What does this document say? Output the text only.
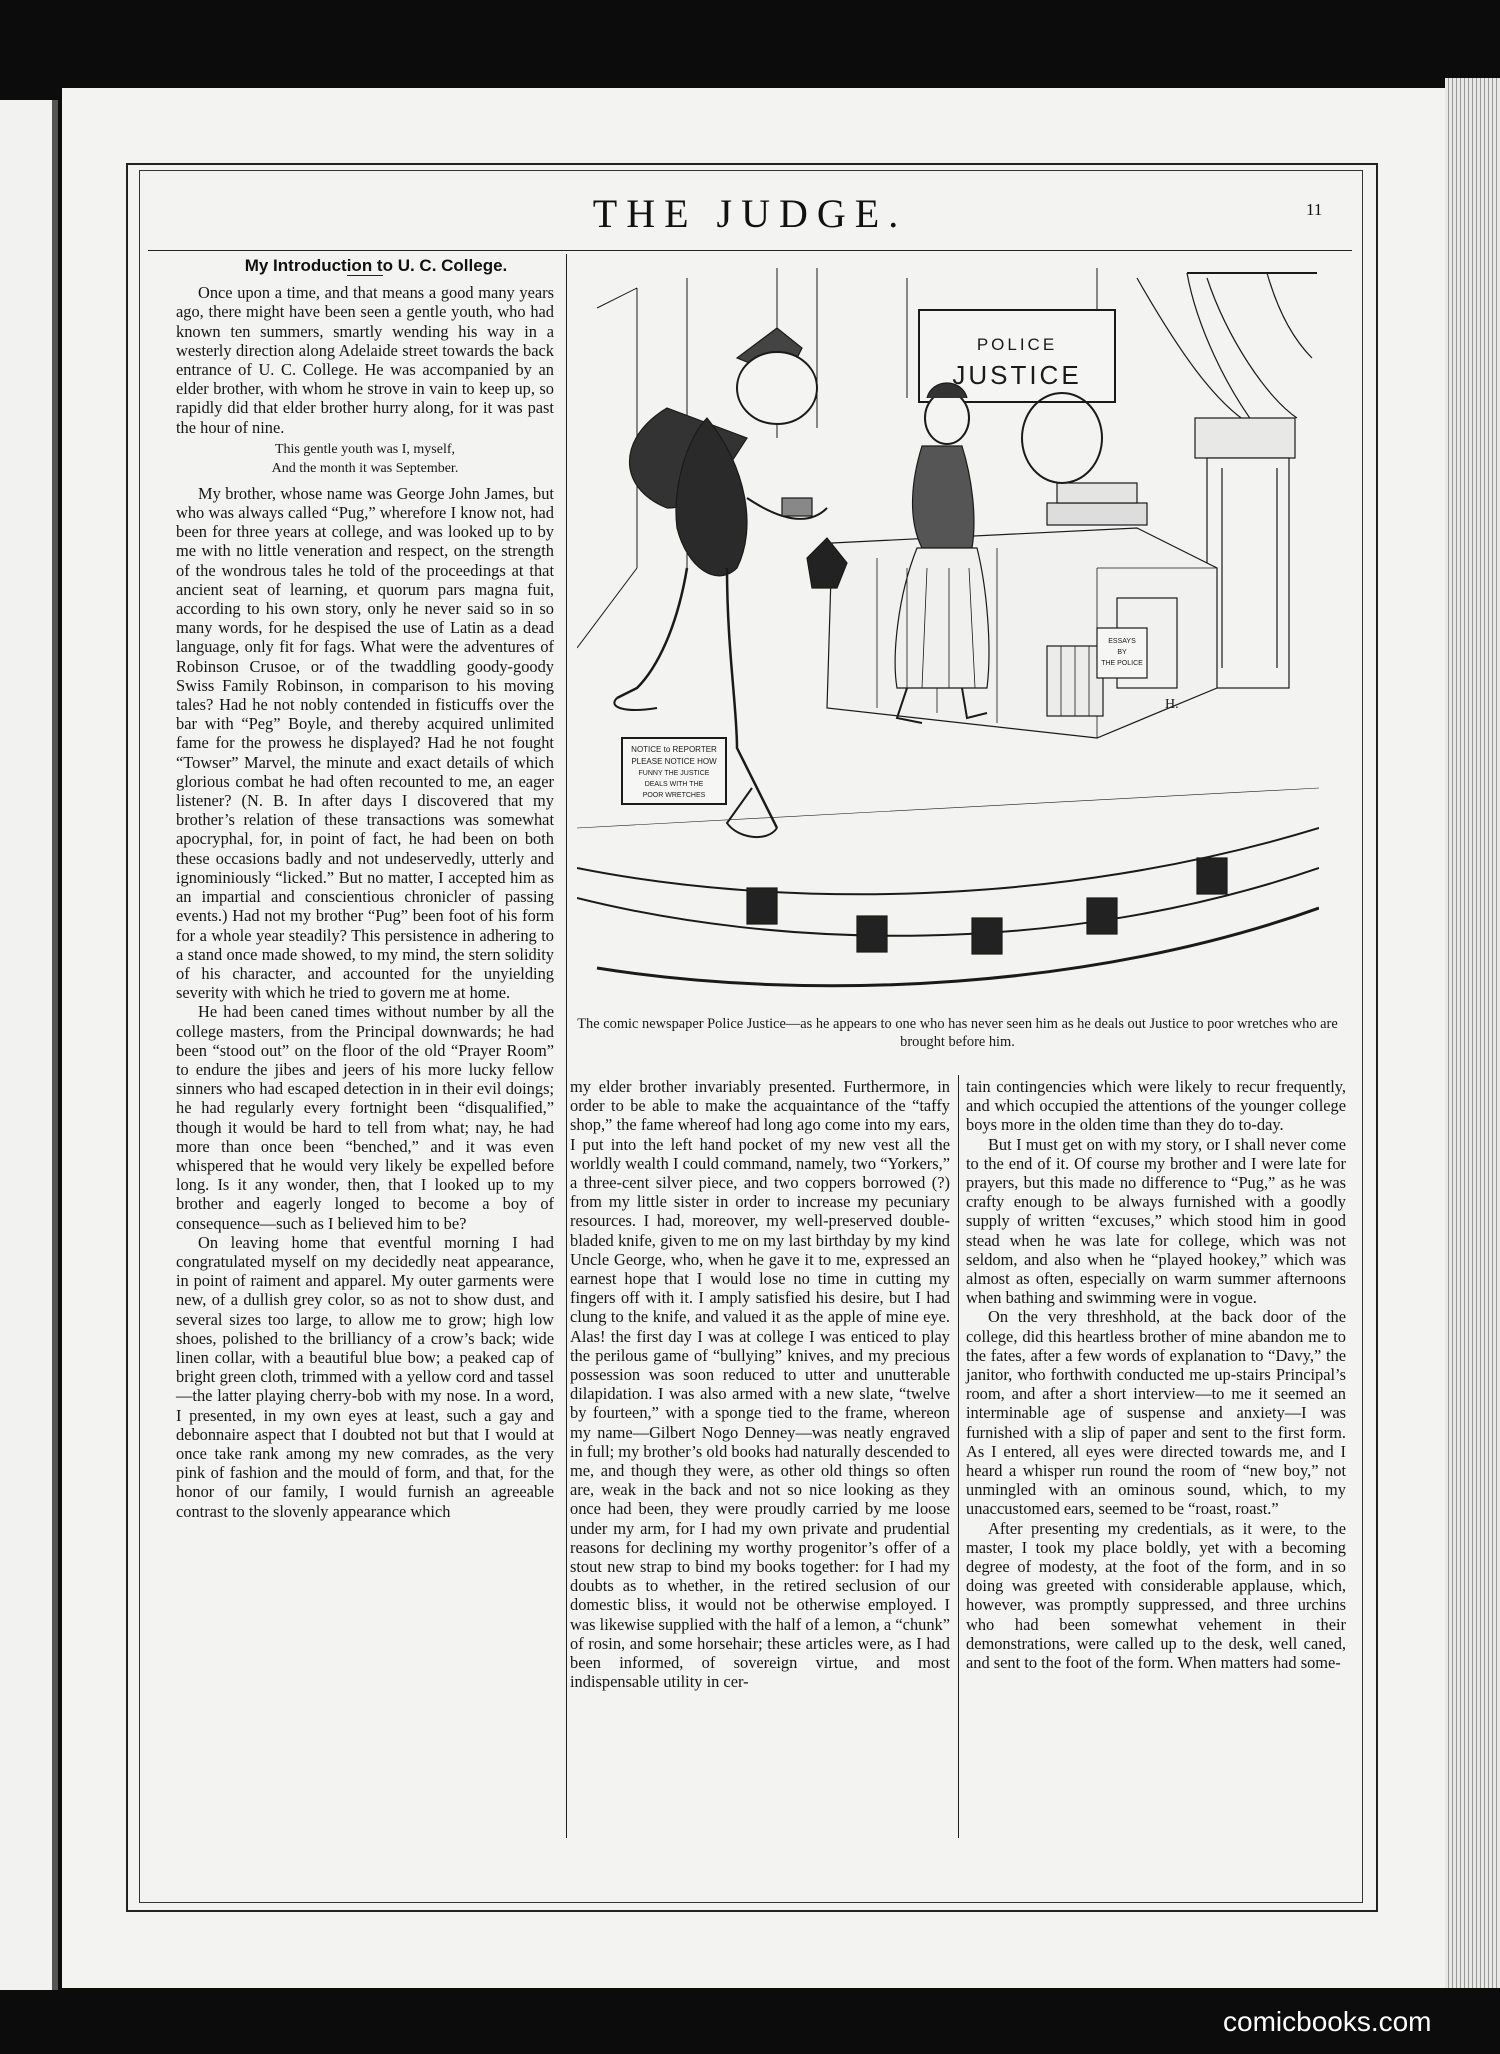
THE JUDGE.	11

My Introduction to U. C. College.

Once upon a time, and that means a good many years ago, there might have been seen a gentle youth, who had known ten summers, smartly wending his way in a westerly direction along Adelaide street towards the back entrance of U. C. College. He was accompanied by an elder brother, with whom he strove in vain to keep up, so rapidly did that elder brother hurry along, for it was past the hour of nine.

This gentle youth was I, myself,
And the month it was September.

My brother, whose name was George John James, but who was always called “Pug,” wherefore I know not, had been for three years at college, and was looked up to by me with no little veneration and respect, on the strength of the wondrous tales he told of the proceedings at that ancient seat of learning, et quorum pars magna fuit, according to his own story, only he never said so in so many words, for he despised the use of Latin as a dead language, only fit for fags. What were the adventures of Robinson Crusoe, or of the twaddling goody-goody Swiss Family Robinson, in comparison to his moving tales? Had he not nobly contended in fisticuffs over the bar with “Peg” Boyle, and thereby acquired unlimited fame for the prowess he displayed? Had he not fought “Towser” Marvel, the minute and exact details of which glorious combat he had often recounted to me, an eager listener? (N. B. In after days I discovered that my brother’s relation of these transactions was somewhat apocryphal, for, in point of fact, he had been on both these occasions badly and not undeservedly, utterly and ignominiously “licked.” But no matter, I accepted him as an impartial and conscientious chronicler of passing events.) Had not my brother “Pug” been foot of his form for a whole year steadily? This persistence in adhering to a stand once made showed, to my mind, the stern solidity of his character, and accounted for the unyielding severity with which he tried to govern me at home.

He had been caned times without number by all the college masters, from the Principal downwards; he had been “stood out” on the floor of the old “Prayer Room” to endure the jibes and jeers of his more lucky fellow sinners who had escaped detection in in their evil doings; he had regularly every fortnight been “disqualified,” though it would be hard to tell from what; nay, he had more than once been “benched,” and it was even whispered that he would very likely be expelled before long. Is it any wonder, then, that I looked up to my brother and eagerly longed to become a boy of consequence—such as I believed him to be?

On leaving home that eventful morning I had congratulated myself on my decidedly neat appearance, in point of raiment and apparel. My outer garments were new, of a dullish grey color, so as not to show dust, and several sizes too large, to allow me to grow; high low shoes, polished to the brilliancy of a crow’s back; wide linen collar, with a beautiful blue bow; a peaked cap of bright green cloth, trimmed with a yellow cord and tassel—the latter playing cherry-bob with my nose. In a word, I presented, in my own eyes at least, such a gay and debonnaire aspect that I doubted not but that I would at once take rank among my new comrades, as the very pink of fashion and the mould of form, and that, for the honor of our family, I would furnish an agreeable contrast to the slovenly appearance which

my elder brother invariably presented. Furthermore, in order to be able to make the acquaintance of the “taffy shop,” the fame whereof had long ago come into my ears, I put into the left hand pocket of my new vest all the worldly wealth I could command, namely, two “Yorkers,” a three-cent silver piece, and two coppers borrowed (?) from my little sister in order to increase my pecuniary resources. I had, moreover, my well-preserved double-bladed knife, given to me on my last birthday by my kind Uncle George, who, when he gave it to me, expressed an earnest hope that I would lose no time in cutting my fingers off with it. I amply satisfied his desire, but I had clung to the knife, and valued it as the apple of mine eye. Alas! the first day I was at college I was enticed to play the perilous game of “bullying” knives, and my precious possession was soon reduced to utter and unutterable dilapidation. I was also armed with a new slate, “twelve by fourteen,” with a sponge tied to the frame, whereon my name—Gilbert Nogo Denney—was neatly engraved in full; my brother’s old books had naturally descended to me, and though they were, as other old things so often are, weak in the back and not so nice looking as they once had been, they were proudly carried by me loose under my arm, for I had my own private and prudential reasons for declining my worthy progenitor’s offer of a stout new strap to bind my books together: for I had my doubts as to whether, in the retired seclusion of our domestic bliss, it would not be otherwise employed. I was likewise supplied with the half of a lemon, a “chunk” of rosin, and some horsehair; these articles were, as I had been informed, of sovereign virtue, and most indispensable utility in cer-

tain contingencies which were likely to recur frequently, and which occupied the attentions of the younger college boys more in the olden time than they do to-day.

But I must get on with my story, or I shall never come to the end of it. Of course my brother and I were late for prayers, but this made no difference to “Pug,” as he was crafty enough to be always furnished with a goodly supply of written “excuses,” which stood him in good stead when he was late for college, which was not seldom, and also when he “played hookey,” which was almost as often, especially on warm summer afternoons when bathing and swimming were in vogue.

On the very threshhold, at the back door of the college, did this heartless brother of mine abandon me to the fates, after a few words of explanation to “Davy,” the janitor, who forthwith conducted me up-stairs Principal’s room, and after a short interview—to me it seemed an interminable age of suspense and anxiety—I was furnished with a slip of paper and sent to the first form. As I entered, all eyes were directed towards me, and I heard a whisper run round the room of “new boy,” not unmingled with an ominous sound, which, to my unaccustomed ears, seemed to be “roast, roast.”

After presenting my credentials, as it were, to the master, I took my place boldly, yet with a becoming degree of modesty, at the foot of the form, and in so doing was greeted with considerable applause, which, however, was promptly suppressed, and three urchins who had been somewhat vehement in their demonstrations, were called up to the desk, well caned, and sent to the foot of the form. When matters had some-

POLICE
JUSTICE
NOTICE to REPORTER
PLEASE NOTICE HOW
FUNNY THE JUSTICE
DEALS WITH THE
POOR WRETCHES
ESSAYS
BY
THE POLICE
H.
The comic newspaper Police Justice—as he appears to one who has never seen him as he deals out Justice to poor wretches who are brought before him.
comicbooks.com
